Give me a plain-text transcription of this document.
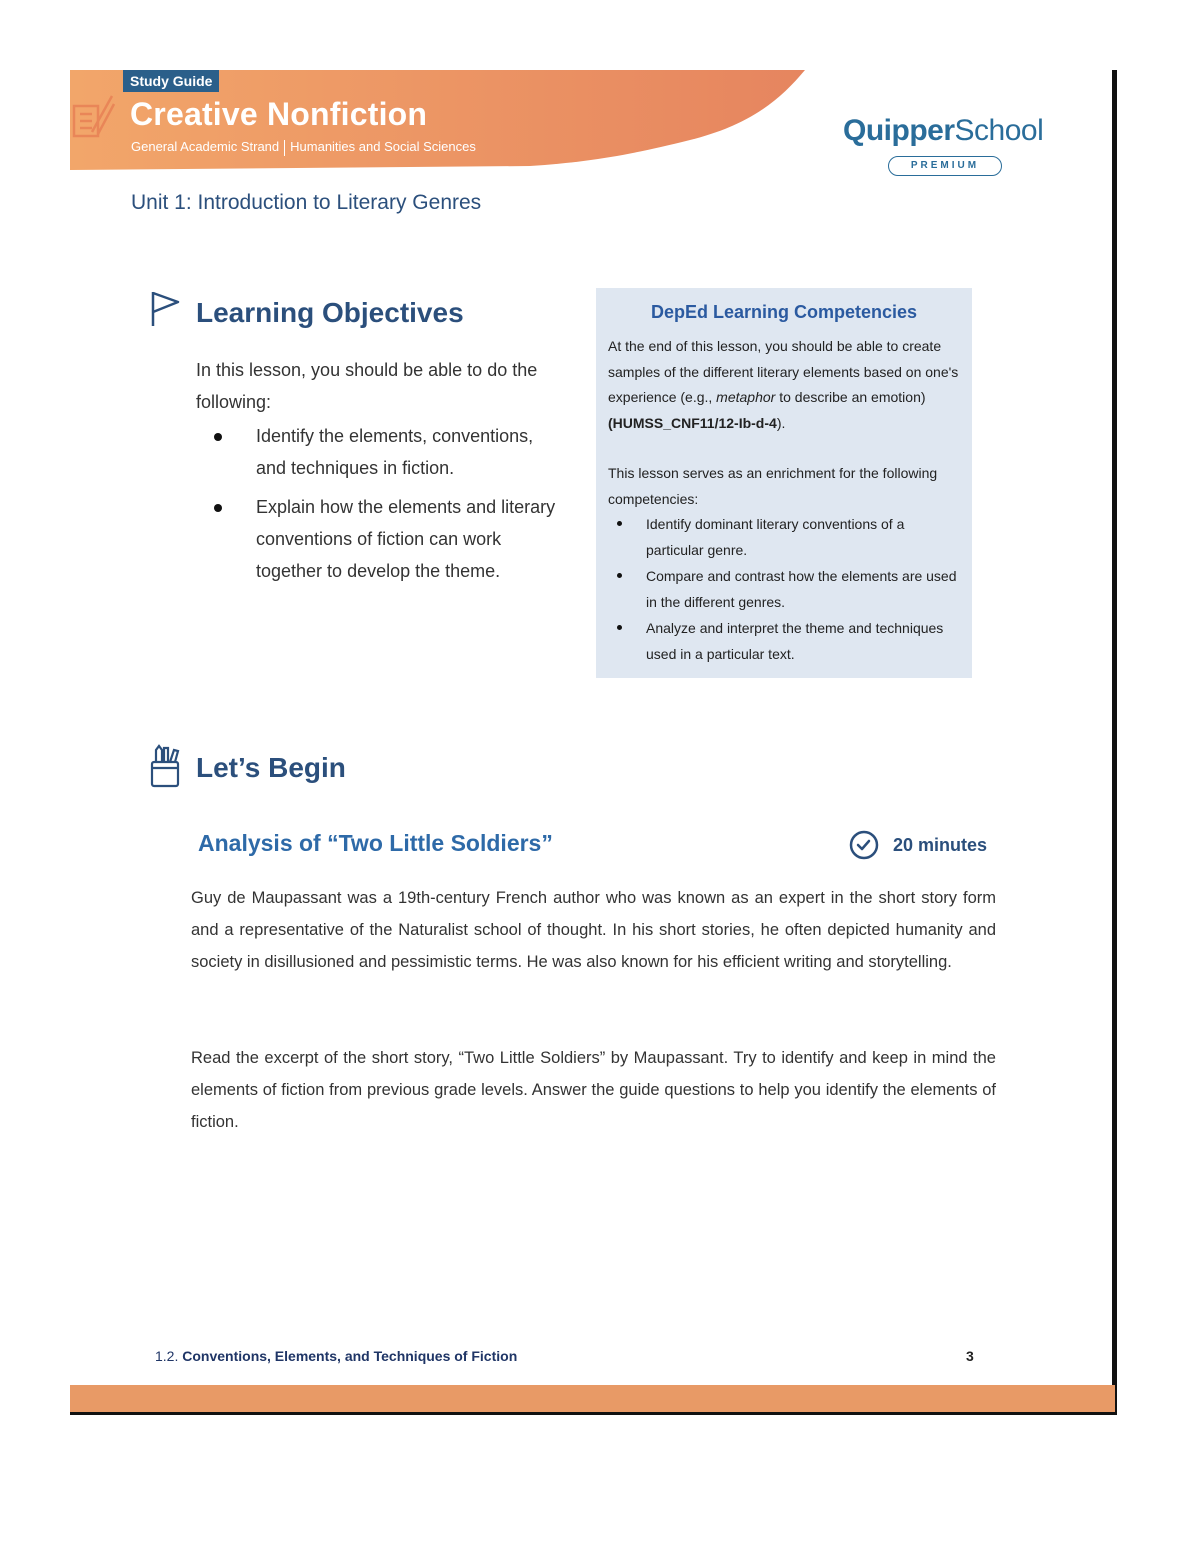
Study Guide
Creative Nonfiction
General Academic Strand Humanities and Social Sciences	QuipperSchool
PREMIUM
Unit 1: Introduction to Literary Genres
Learning Objectives
In this lesson, you should be able to do the following:
Identify the elements, conventions, and techniques in fiction.
Explain how the elements and literary conventions of fiction can work together to develop the theme.
DepEd Learning Competencies
At the end of this lesson, you should be able to create samples of the different literary elements based on one's experience (e.g., metaphor to describe an emotion) (HUMSS_CNF11/12-Ib-d-4).
This lesson serves as an enrichment for the following competencies:
Identify dominant literary conventions of a particular genre.
Compare and contrast how the elements are used in the different genres.
Analyze and interpret the theme and techniques used in a particular text.
Let’s Begin
Analysis of “Two Little Soldiers”	20 minutes
Guy de Maupassant was a 19th-century French author who was known as an expert in the short story form and a representative of the Naturalist school of thought. In his short stories, he often depicted humanity and society in disillusioned and pessimistic terms. He was also known for his efficient writing and storytelling.
Read the excerpt of the short story, “Two Little Soldiers” by Maupassant. Try to identify and keep in mind the elements of fiction from previous grade levels. Answer the guide questions to help you identify the elements of fiction.
1.2. Conventions, Elements, and Techniques of Fiction	3
